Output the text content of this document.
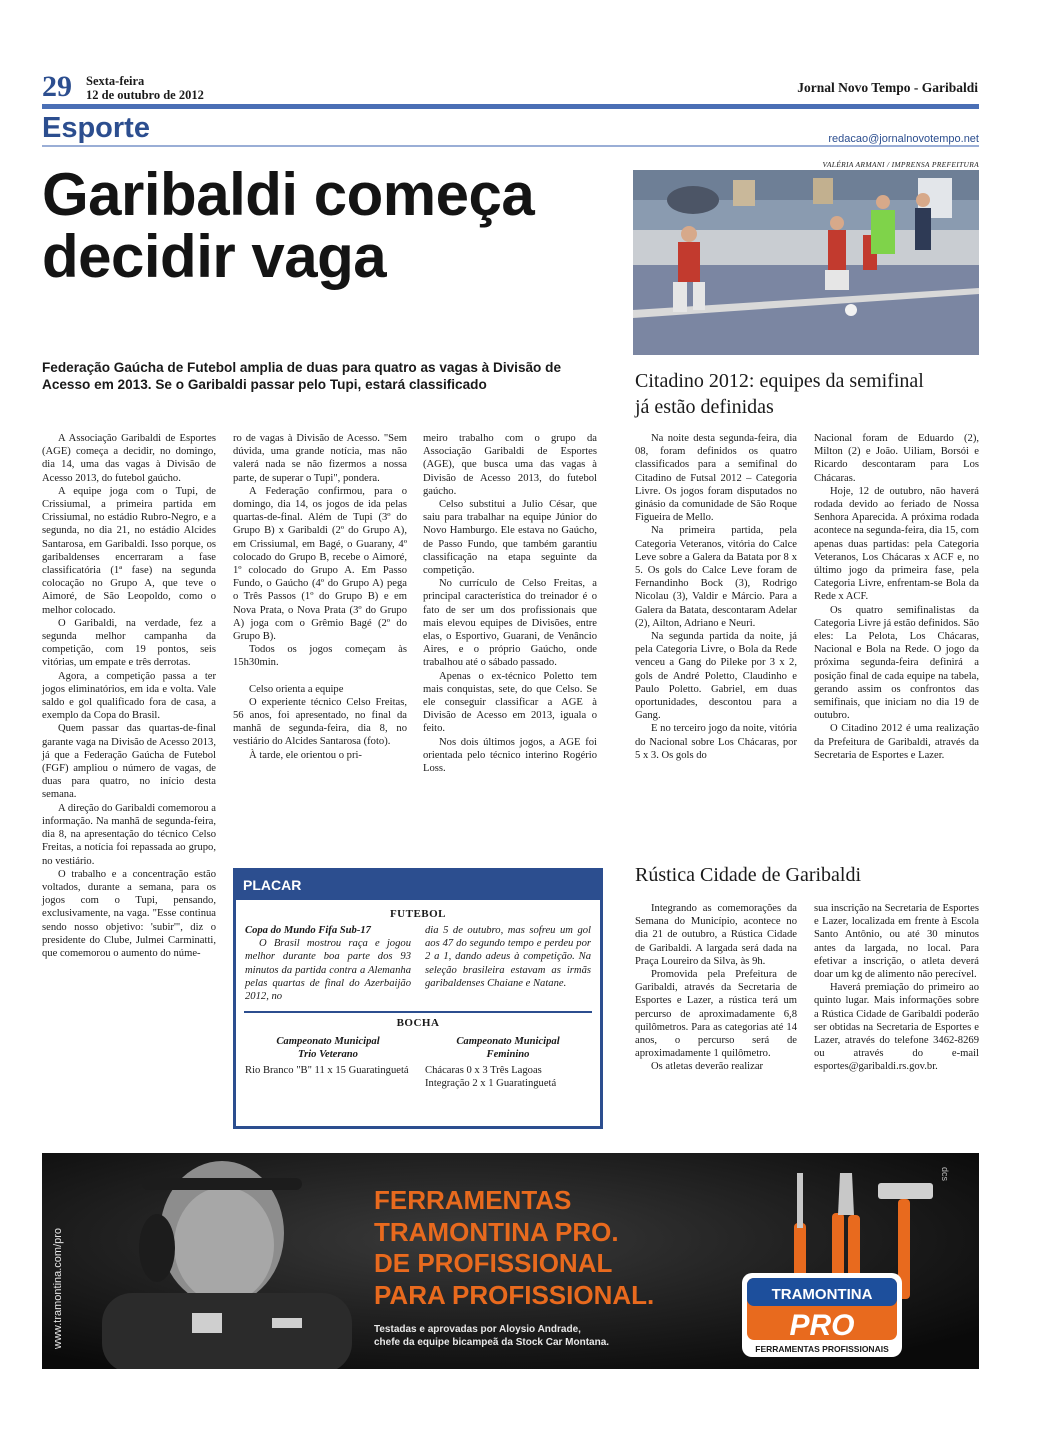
29 Sexta-feira
12 de outubro de 2012	Jornal Novo Tempo - Garibaldi
Esporte	redacao@jornalnovotempo.net
Garibaldi começa
decidir vaga
Federação Gaúcha de Futebol amplia de duas para quatro as vagas à Divisão de Acesso em 2013. Se o Garibaldi passar pelo Tupi, estará classificado

A Associação Garibaldi de Esportes (AGE) começa a decidir, no domingo, dia 14, uma das vagas à Divisão de Acesso 2013, do futebol gaúcho.

A equipe joga com o Tupi, de Crissiumal, a primeira partida em Crissiumal, no estádio Rubro-Negro, e a segunda, no dia 21, no estádio Alcides Santarosa, em Garibaldi. Isso porque, os garibaldenses encerraram a fase classificatória (1ª fase) na segunda colocação no Grupo A, que teve o Aimoré, de São Leopoldo, como o melhor colocado.

O Garibaldi, na verdade, fez a segunda melhor campanha da competição, com 19 pontos, seis vitórias, um empate e três derrotas.

Agora, a competição passa a ter jogos eliminatórios, em ida e volta. Vale saldo e gol qualificado fora de casa, a exemplo da Copa do Brasil.

Quem passar das quartas-de-final garante vaga na Divisão de Acesso 2013, já que a Federação Gaúcha de Futebol (FGF) ampliou o número de vagas, de duas para quatro, no início desta semana.

A direção do Garibaldi comemorou a informação. Na manhã de segunda-feira, dia 8, na apresentação do técnico Celso Freitas, a notícia foi repassada ao grupo, no vestiário.

O trabalho e a concentração estão voltados, durante a semana, para os jogos com o Tupi, pensando, exclusivamente, na vaga. "Esse continua sendo nosso objetivo: 'subir'", diz o presidente do Clube, Julmei Carminatti, que comemorou o aumento do núme-

ro de vagas à Divisão de Acesso. "Sem dúvida, uma grande notícia, mas não valerá nada se não fizermos a nossa parte, de superar o Tupi", pondera.

A Federação confirmou, para o domingo, dia 14, os jogos de ida pelas quartas-de-final. Além de Tupi (3º do Grupo B) x Garibaldi (2º do Grupo A), em Crissiumal, em Bagé, o Guarany, 4º colocado do Grupo B, recebe o Aimoré, 1º colocado do Grupo A. Em Passo Fundo, o Gaúcho (4º do Grupo A) pega o Três Passos (1º do Grupo B) e em Nova Prata, o Nova Prata (3º do Grupo A) joga com o Grêmio Bagé (2º do Grupo B).

Todos os jogos começam às 15h30min.

Celso orienta a equipe

O experiente técnico Celso Freitas, 56 anos, foi apresentado, no final da manhã de segunda-feira, dia 8, no vestiário do Alcides Santarosa (foto).

À tarde, ele orientou o pri-

meiro trabalho com o grupo da Associação Garibaldi de Esportes (AGE), que busca uma das vagas à Divisão de Acesso 2013, do futebol gaúcho.

Celso substitui a Julio César, que saiu para trabalhar na equipe Júnior do Novo Hamburgo. Ele estava no Gaúcho, de Passo Fundo, que também garantiu classificação na etapa seguinte da competição.

No currículo de Celso Freitas, a principal característica do treinador é o fato de ser um dos profissionais que mais elevou equipes de Divisões, entre elas, o Esportivo, Guarani, de Venâncio Aires, e o próprio Gaúcho, onde trabalhou até o sábado passado.

Apenas o ex-técnico Poletto tem mais conquistas, sete, do que Celso. Se ele conseguir classificar a AGE à Divisão de Acesso em 2013, iguala o feito.

Nos dois últimos jogos, a AGE foi orientada pelo técnico interino Rogério Loss.

VALÉRIA ARMANI / IMPRENSA PREFEITURA
Citadino 2012: equipes da semifinal
já estão definidas

Na noite desta segunda-feira, dia 08, foram definidos os quatro classificados para a semifinal do Citadino de Futsal 2012 – Categoria Livre. Os jogos foram disputados no ginásio da comunidade de São Roque Figueira de Mello.

Na primeira partida, pela Categoria Veteranos, vitória do Calce Leve sobre a Galera da Batata por 8 x 5. Os gols do Calce Leve foram de Fernandinho Bock (3), Rodrigo Nicolau (3), Valdir e Márcio. Para a Galera da Batata, descontaram Adelar (2), Ailton, Adriano e Neuri.

Na segunda partida da noite, já pela Categoria Livre, o Bola da Rede venceu a Gang do Pileke por 3 x 2, gols de André Poletto, Claudinho e Paulo Poletto. Gabriel, em duas oportunidades, descontou para a Gang.

E no terceiro jogo da noite, vitória do Nacional sobre Los Chácaras, por 5 x 3. Os gols do

Nacional foram de Eduardo (2), Milton (2) e João. Uiliam, Borsói e Ricardo descontaram para Los Chácaras.

Hoje, 12 de outubro, não haverá rodada devido ao feriado de Nossa Senhora Aparecida. A próxima rodada acontece na segunda-feira, dia 15, com apenas duas partidas: pela Categoria Veteranos, Los Chácaras x ACF e, no último jogo da primeira fase, pela Categoria Livre, enfrentam-se Bola da Rede x ACF.

Os quatro semifinalistas da Categoria Livre já estão definidos. São eles: La Pelota, Los Chácaras, Nacional e Bola na Rede. O jogo da próxima segunda-feira definirá a posição final de cada equipe na tabela, gerando assim os confrontos das semifinais, que iniciam no dia 19 de outubro.

O Citadino 2012 é uma realização da Prefeitura de Garibaldi, através da Secretaria de Esportes e Lazer.

Rústica Cidade de Garibaldi

Integrando as comemorações da Semana do Município, acontece no dia 21 de outubro, a Rústica Cidade de Garibaldi. A largada será dada na Praça Loureiro da Silva, às 9h.

Promovida pela Prefeitura de Garibaldi, através da Secretaria de Esportes e Lazer, a rústica terá um percurso de aproximadamente 6,8 quilômetros. Para as categorias até 14 anos, o percurso será de aproximadamente 1 quilômetro.

Os atletas deverão realizar

sua inscrição na Secretaria de Esportes e Lazer, localizada em frente à Escola Santo Antônio, ou até 30 minutos antes da largada, no local. Para efetivar a inscrição, o atleta deverá doar um kg de alimento não perecível.

Haverá premiação do primeiro ao quinto lugar. Mais informações sobre a Rústica Cidade de Garibaldi poderão ser obtidas na Secretaria de Esportes e Lazer, através do telefone 3462-8269 ou através do e-mail esportes@garibaldi.rs.gov.br.

PLACAR
FUTEBOL
Copa do Mundo Fifa Sub-17
O Brasil mostrou raça e jogou melhor durante boa parte dos 93 minutos da partida contra a Alemanha pelas quartas de final do Azerbaijão 2012, no
dia 5 de outubro, mas sofreu um gol aos 47 do segundo tempo e perdeu por 2 a 1, dando adeus à competição. Na seleção brasileira estavam as irmãs garibaldenses Chaiane e Natane.
BOCHA
Campeonato Municipal
Trio Veterano
Rio Branco "B" 11 x 15 Guaratinguetá
Campeonato Municipal
Feminino
Chácaras 0 x 3 Três Lagoas
Integração 2 x 1 Guaratinguetá
www.tramontina.com/pro
FERRAMENTAS
TRAMONTINA PRO.
DE PROFISSIONAL
PARA PROFISSIONAL.
Testadas e aprovadas por Aloysio Andrade,
chefe da equipe bicampeã da Stock Car Montana.
TRAMONTINA
PRO
FERRAMENTAS PROFISSIONAIS
dcs
